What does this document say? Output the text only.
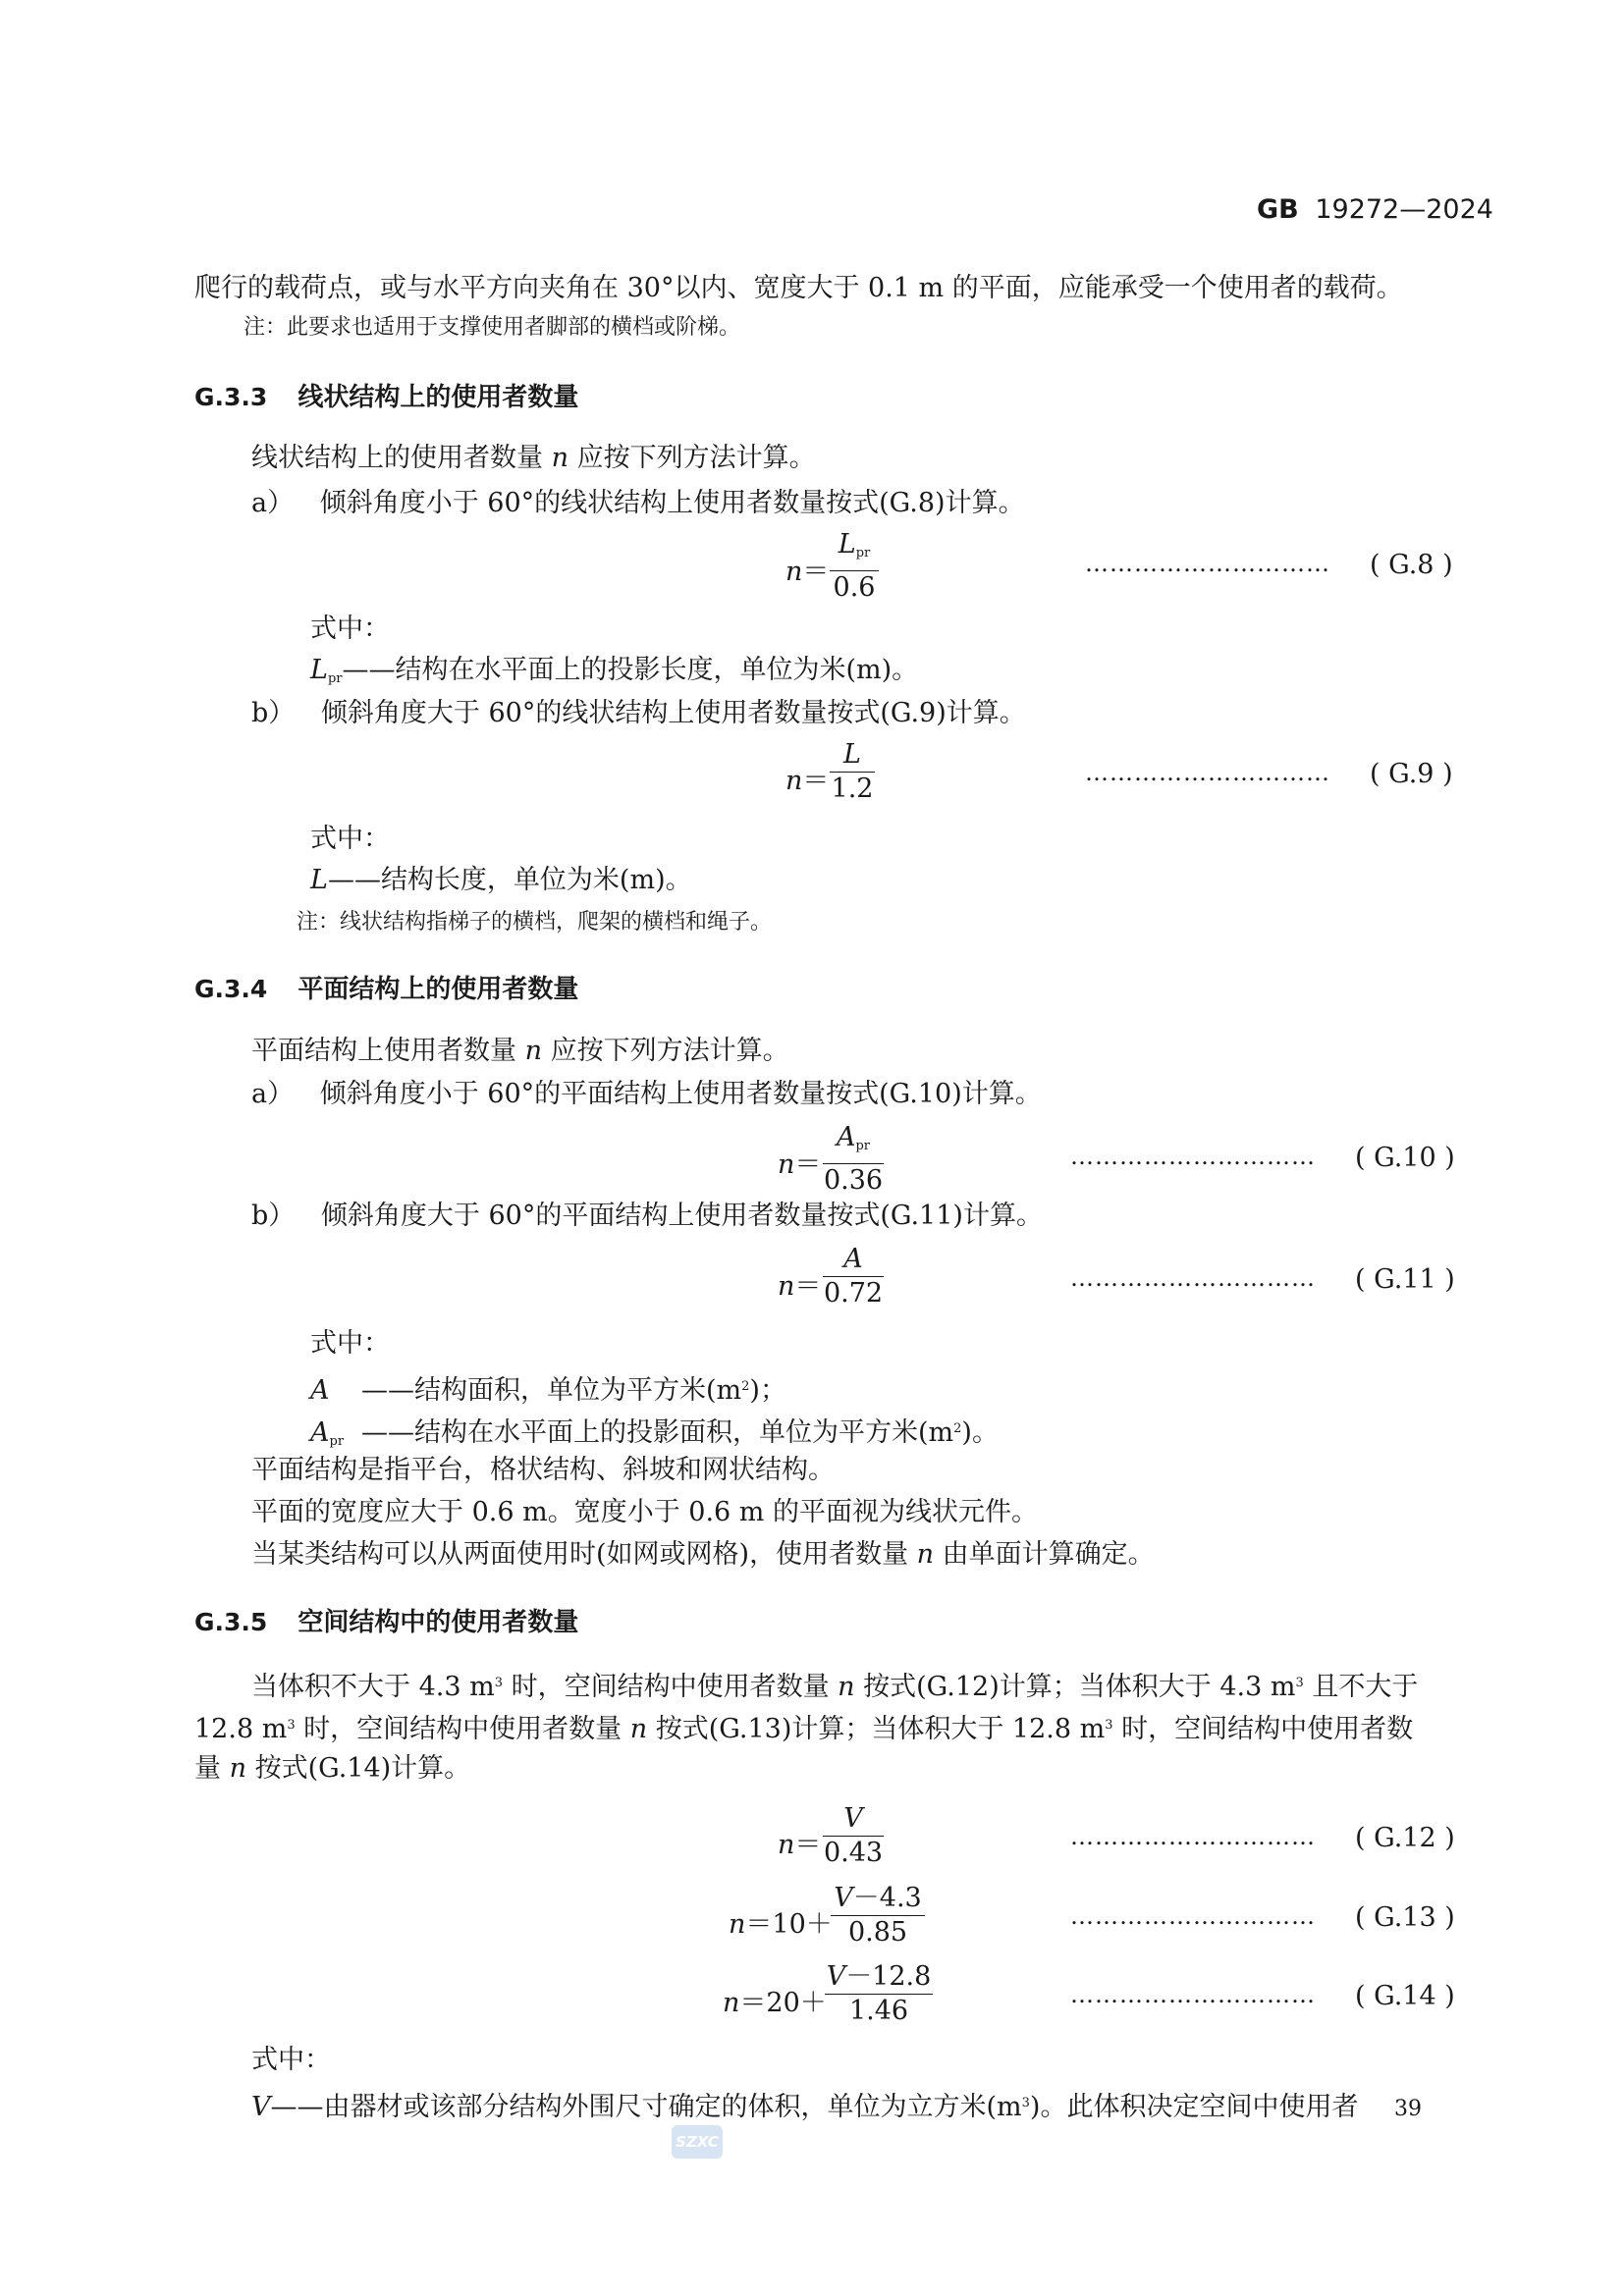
GB 19272—2024
爬行的载荷点，或与水平方向夹角在 30°以内、宽度大于 0.1 m 的平面，应能承受一个使用者的载荷。
注：此要求也适用于支撑使用者脚部的横档或阶梯。
G.3.3 线状结构上的使用者数量
线状结构上的使用者数量 n 应按下列方法计算。
a） 倾斜角度小于 60°的线状结构上使用者数量按式(G.8)计算。
n＝
$L_{pr}$
0.6
………………………… ( G.8 )
式中：
$L_{pr}——$结构在水平面上的投影长度，单位为米(m)。
b） 倾斜角度大于 60°的线状结构上使用者数量按式(G.9)计算。
n＝
L
1.2
………………………… ( G.9 )
式中：
L——结构长度，单位为米(m)。
注：线状结构指梯子的横档，爬架的横档和绳子。
G.3.4 平面结构上的使用者数量
平面结构上使用者数量 n 应按下列方法计算。
a） 倾斜角度小于 60°的平面结构上使用者数量按式(G.10)计算。
n＝
$A_{pr}$
0.36
………………………… ( G.10 )
b） 倾斜角度大于 60°的平面结构上使用者数量按式(G.11)计算。
n＝
A
0.72	………………………… ( G.11 )
式中：
A ——结构面积，单位为平方米$(m^2)$；
$A_{pr}$ ——结构在水平面上的投影面积，单位为平方米$(m^2)$。
平面结构是指平台，格状结构、斜坡和网状结构。
平面的宽度应大于 0.6 m。宽度小于 0.6 m 的平面视为线状元件。
当某类结构可以从两面使用时(如网或网格)，使用者数量 n 由单面计算确定。
G.3.5 空间结构中的使用者数量
当体积不大于 4.3 $m^3$ 时，空间结构中使用者数量 n 按式(G.12)计算；当体积大于 4.3 $m^3$ 且不大于
12.8 $m^3$ 时，空间结构中使用者数量 n 按式(G.13)计算；当体积大于 12.8 $m^3$ 时，空间结构中使用者数
量 n 按式(G.14)计算。
n＝
V
0.43
………………………… ( G.12 )
n＝10＋
V－4.3
0.85
………………………… ( G.13 )
n＝20＋
V－12.8
1.46
………………………… ( G.14 )
式中：
V——由器材或该部分结构外围尺寸确定的体积，单位为立方米$(m^3)$。此体积决定空间中使用者
SZXC
39
